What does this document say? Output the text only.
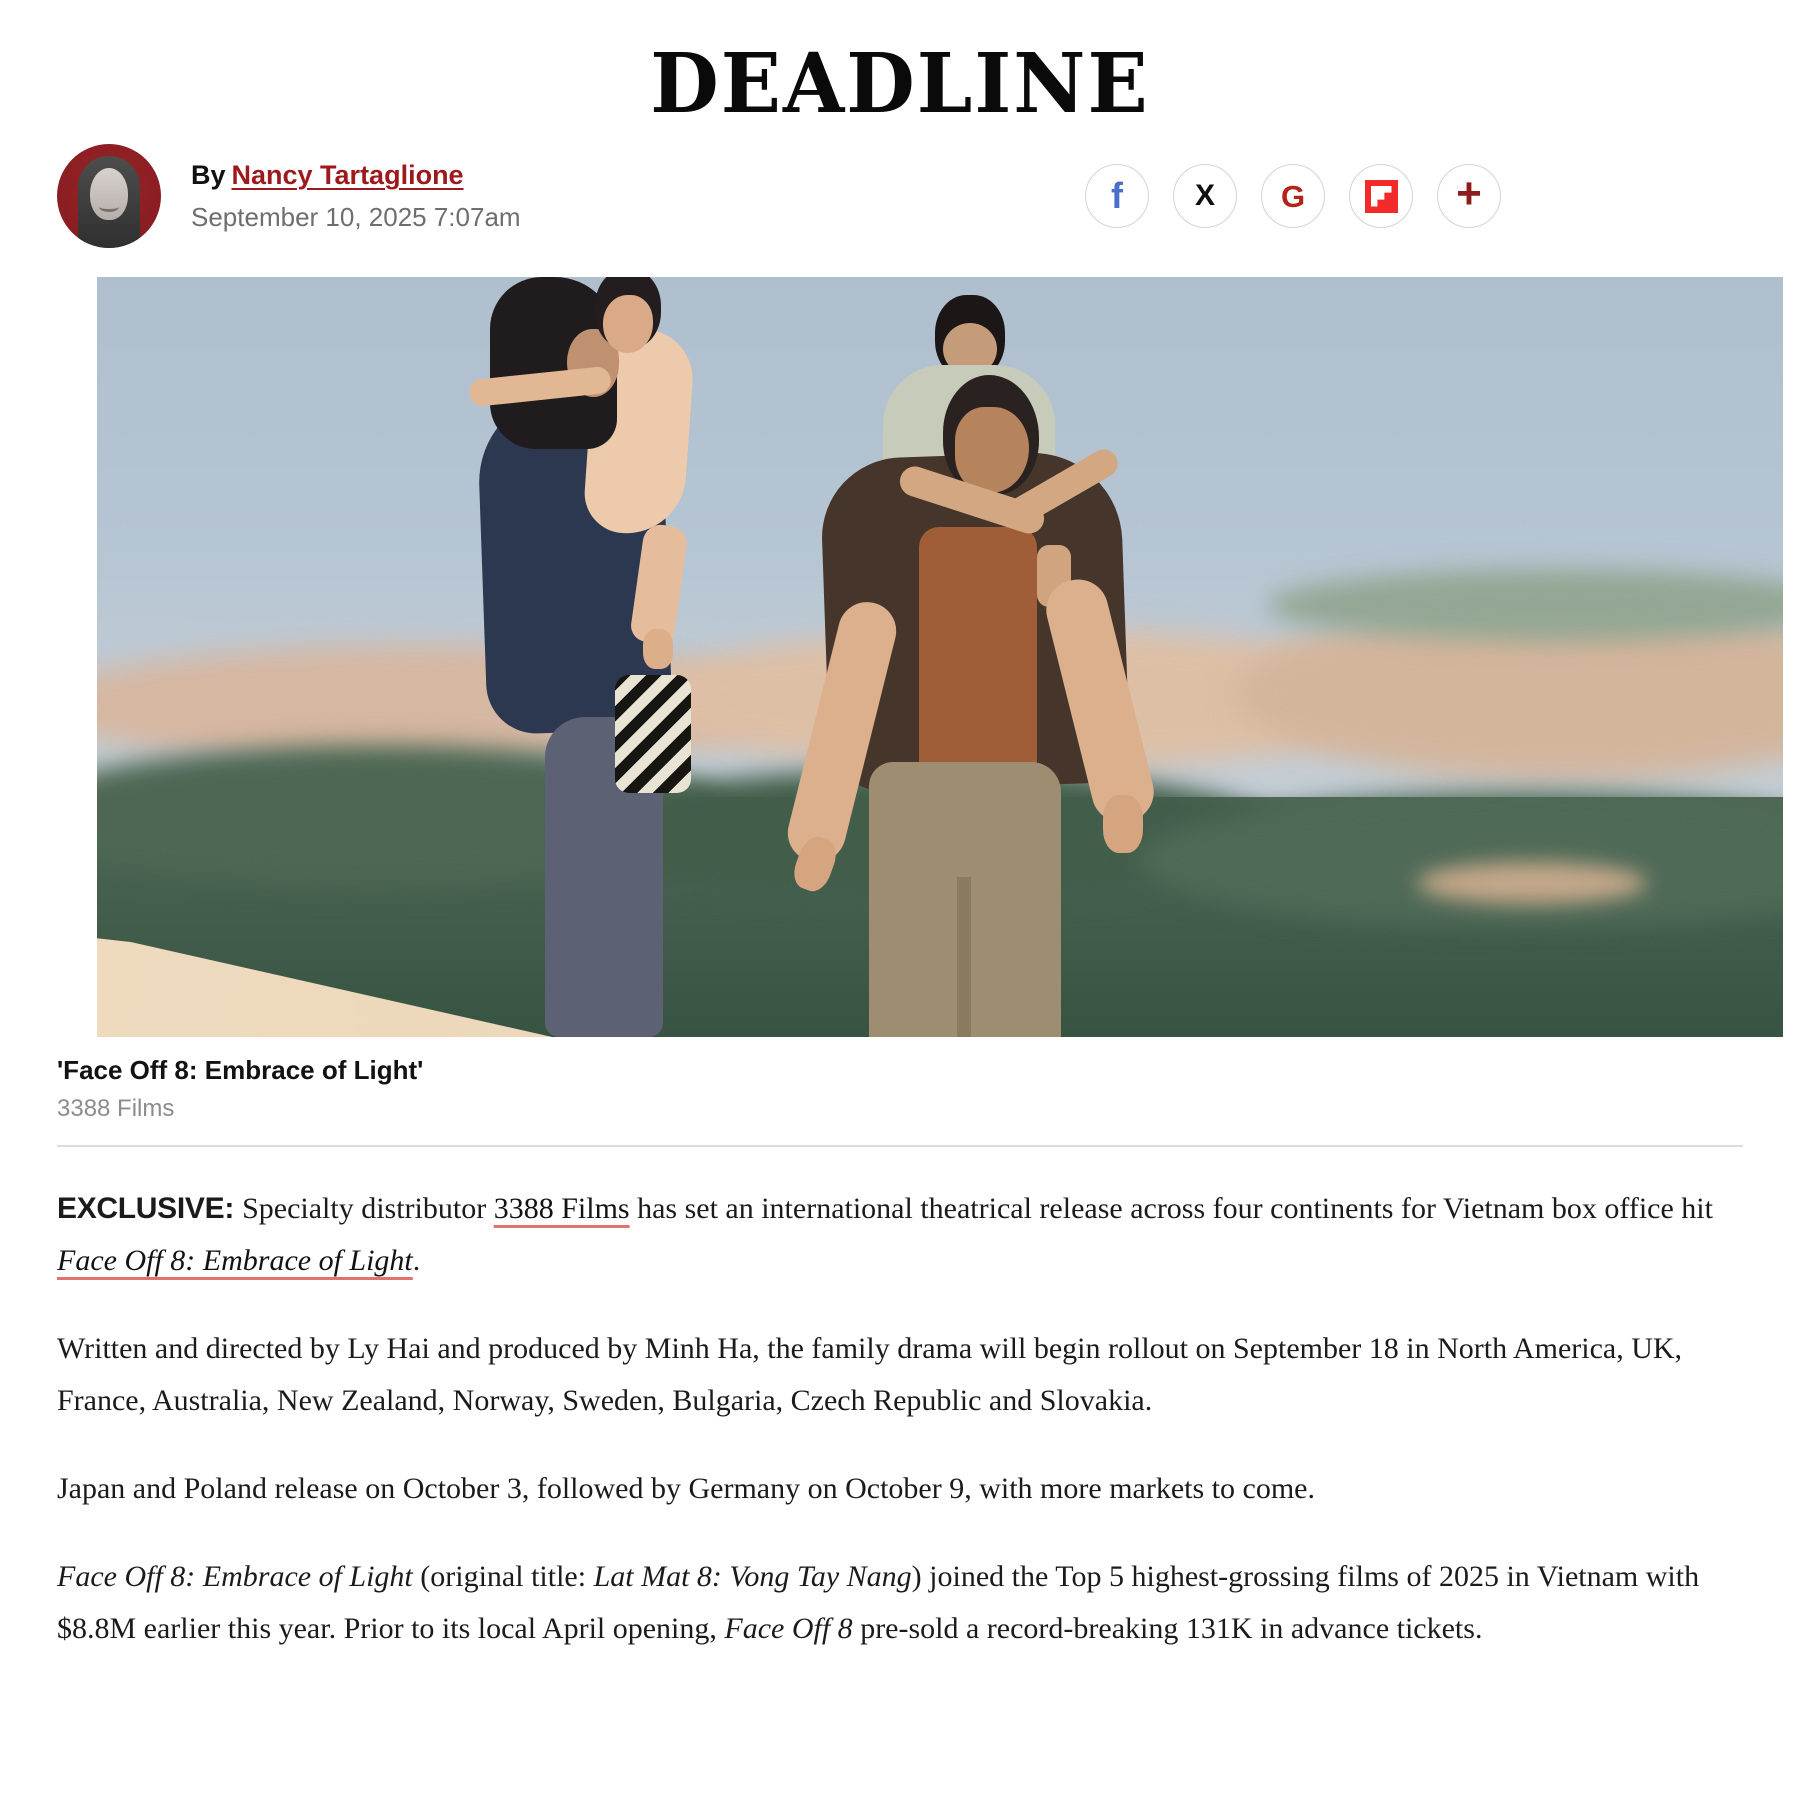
DEADLINE
By Nancy Tartaglione
September 10, 2025 7:07am
f X G	+
'Face Off 8: Embrace of Light'
3388 Films

EXCLUSIVE: Specialty distributor 3388 Films has set an international theatrical release across four continents for Vietnam box office hit Face Off 8: Embrace of Light.

Written and directed by Ly Hai and produced by Minh Ha, the family drama will begin rollout on September 18 in North America, UK, France, Australia, New Zealand, Norway, Sweden, Bulgaria, Czech Republic and Slovakia.

Japan and Poland release on October 3, followed by Germany on October 9, with more markets to come.

Face Off 8: Embrace of Light (original title: Lat Mat 8: Vong Tay Nang) joined the Top 5 highest-grossing films of 2025 in Vietnam with $8.8M earlier this year. Prior to its local April opening, Face Off 8 pre-sold a record-breaking 131K in advance tickets.
